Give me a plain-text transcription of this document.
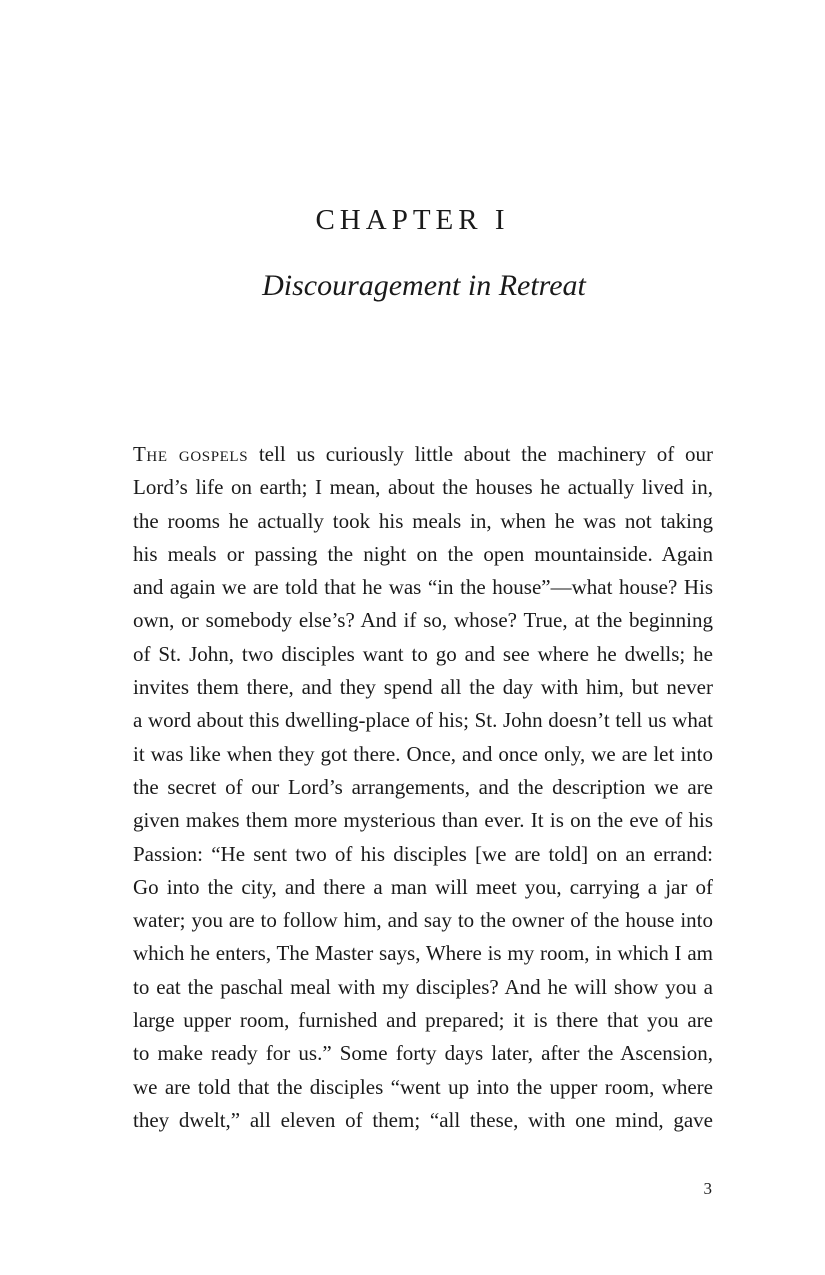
CHAPTER I
Discouragement in Retreat
The gospels tell us curiously little about the machinery of our
Lord’s life on earth; I mean, about the houses he actually lived in,
the rooms he actually took his meals in, when he was not taking
his meals or passing the night on the open mountainside. Again
and again we are told that he was “in the house”—what house? His
own, or somebody else’s? And if so, whose? True, at the beginning
of St. John, two disciples want to go and see where he dwells; he
invites them there, and they spend all the day with him, but never
a word about this dwelling-place of his; St. John doesn’t tell us what
it was like when they got there. Once, and once only, we are let into
the secret of our Lord’s arrangements, and the description we are
given makes them more mysterious than ever. It is on the eve of his
Passion: “He sent two of his disciples [we are told] on an errand:
Go into the city, and there a man will meet you, carrying a jar of
water; you are to follow him, and say to the owner of the house into
which he enters, The Master says, Where is my room, in which I am
to eat the paschal meal with my disciples? And he will show you a
large upper room, furnished and prepared; it is there that you are
to make ready for us.” Some forty days later, after the Ascension,
we are told that the disciples “went up into the upper room, where
they dwelt,” all eleven of them; “all these, with one mind, gave
3
